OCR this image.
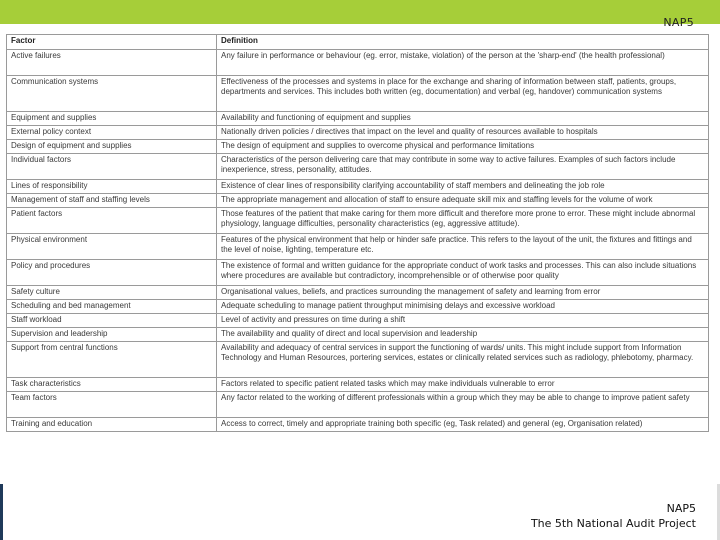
NAP5
Factor	Definition
Active failures	Any failure in performance or behaviour (eg. error, mistake, violation) of the person at the 'sharp-end' (the health professional)
Communication systems	Effectiveness of the processes and systems in place for the exchange and sharing of information between staff, patients, groups, departments and services. This includes both written (eg, documentation) and verbal (eg, handover) communication systems
Equipment and supplies	Availability and functioning of equipment and supplies
External policy context	Nationally driven policies / directives that impact on the level and quality of resources available to hospitals
Design of equipment and supplies	The design of equipment and supplies to overcome physical and performance limitations
Individual factors	Characteristics of the person delivering care that may contribute in some way to active failures. Examples of such factors include inexperience, stress, personality, attitudes.
Lines of responsibility	Existence of clear lines of responsibility clarifying accountability of staff members and delineating the job role
Management of staff and staffing levels	The appropriate management and allocation of staff to ensure adequate skill mix and staffing levels for the volume of work
Patient factors	Those features of the patient that make caring for them more difficult and therefore more prone to error. These might include abnormal physiology, language difficulties, personality characteristics (eg, aggressive attitude).
Physical environment	Features of the physical environment that help or hinder safe practice. This refers to the layout of the unit, the fixtures and fittings and the level of noise, lighting, temperature etc.
Policy and procedures	The existence of formal and written guidance for the appropriate conduct of work tasks and processes. This can also include situations where procedures are available but contradictory, incomprehensible or of otherwise poor quality
Safety culture	Organisational values, beliefs, and practices surrounding the management of safety and learning from error
Scheduling and bed management	Adequate scheduling to manage patient throughput minimising delays and excessive workload
Staff workload	Level of activity and pressures on time during a shift
Supervision and leadership	The availability and quality of direct and local supervision and leadership
Support from central functions	Availability and adequacy of central services in support the functioning of wards/ units. This might include support from Information Technology and Human Resources, portering services, estates or clinically related services such as radiology, phlebotomy, pharmacy.
Task characteristics	Factors related to specific patient related tasks which may make individuals vulnerable to error
Team factors	Any factor related to the working of different professionals within a group which they may be able to change to improve patient safety
Training and education	Access to correct, timely and appropriate training both specific (eg, Task related) and general (eg, Organisation related)
NAP5
The 5th National Audit Project
